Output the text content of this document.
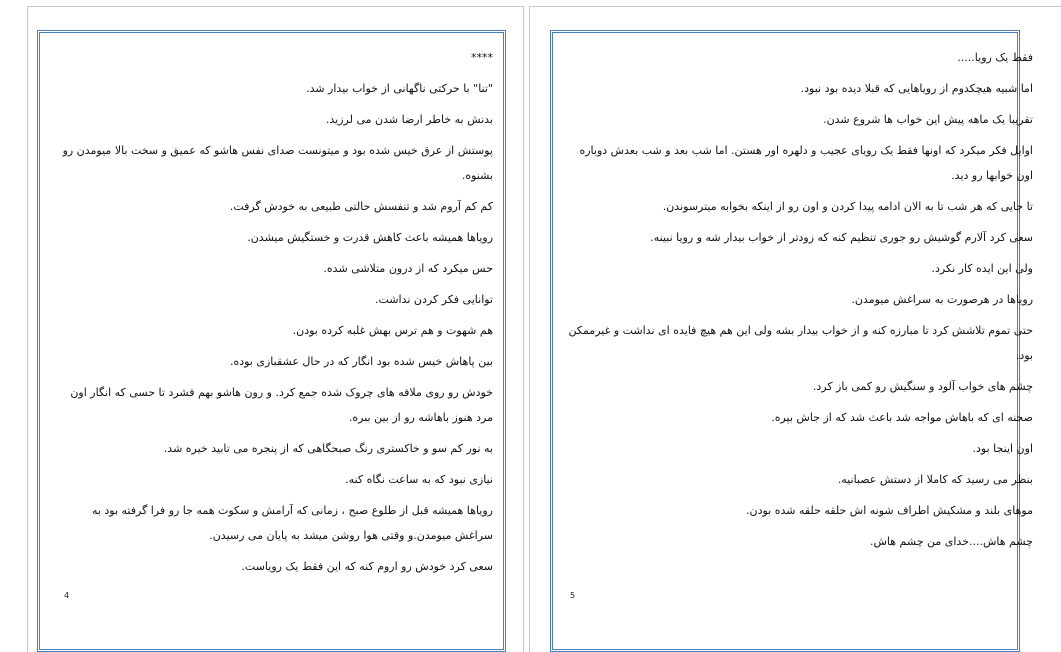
****

"تنا" با حرکتی ناگهانی از خواب بیدار شد.

بدنش به خاطر ارضا شدن می لرزید.

پوستش از عرق خیس شده بود و میتونست صدای نفس هاشو که عمیق و سخت بالا میومدن رو بشنوه.

کم کم آروم شد و تنفسش حالتی طبیعی به خودش گرفت.

رویاها همیشه باعث کاهش قدرت و خستگیش میشدن.

حس میکرد که از درون متلاشی شده.

توانایی فکر کردن نداشت.

هم شهوت و هم ترس بهش غلبه کرده بودن.

بین پاهاش خیس شده بود انگار که در حال عشقبازی بوده.

خودش رو روی ملافه های چروک شده جمع کرد. و رون هاشو بهم فشرد تا حسی که انگار اون مرد هنوز باهاشه رو از بین ببره.

به نور کم سو و خاکستری رنگ صبحگاهی که از پنجره می تابید خیره شد.

نیازی نبود که به ساعت نگاه کنه.

رویاها همیشه قبل از طلوع صبح ، زمانی که آرامش و سکوت همه جا رو فرا گرفته بود به سراغش میومدن.و وقتی هوا روشن میشد به پایان می رسیدن.

سعی کرد خودش رو اروم کنه که این فقط یک رویاست.

4

فقط یک رویا.....

اما شبیه هیچکدوم از رویاهایی که قبلا دیده بود نبود.

تقریبا یک ماهه پیش این خواب ها شروع شدن.

اوایل فکر میکرد که اونها فقط یک رویای عجیب و دلهره اور هستن. اما شب بعد و شب بعدش دوباره اون خوابها رو دید.

تا جایی که هر شب تا به الان ادامه پیدا کردن و اون رو از اینکه بخوابه میترسوندن.

سعی کرد آلارم گوشیش رو جوری تنظیم کنه که زودتر از خواب بیدار شه و رویا نبینه.

ولی این ایده کار نکرد.

رویاها در هرصورت به سراغش میومدن.

حتی تموم تلاشش کرد تا مبارزه کنه و از خواب بیدار بشه ولی این هم هیچ فایده ای نداشت و غیرممکن بود.

چشم های خواب آلود و سنگیش رو کمی باز کرد.

صحنه ای که باهاش مواجه شد باعث شد که از جاش بپره.

اون اینجا بود.

بنظر می رسید که کاملا از دستش عصبانیه.

موهای بلند و مشکیش اطراف شونه اش حلقه حلقه شده بودن.

چشم هاش....خدای من چشم هاش.

5
